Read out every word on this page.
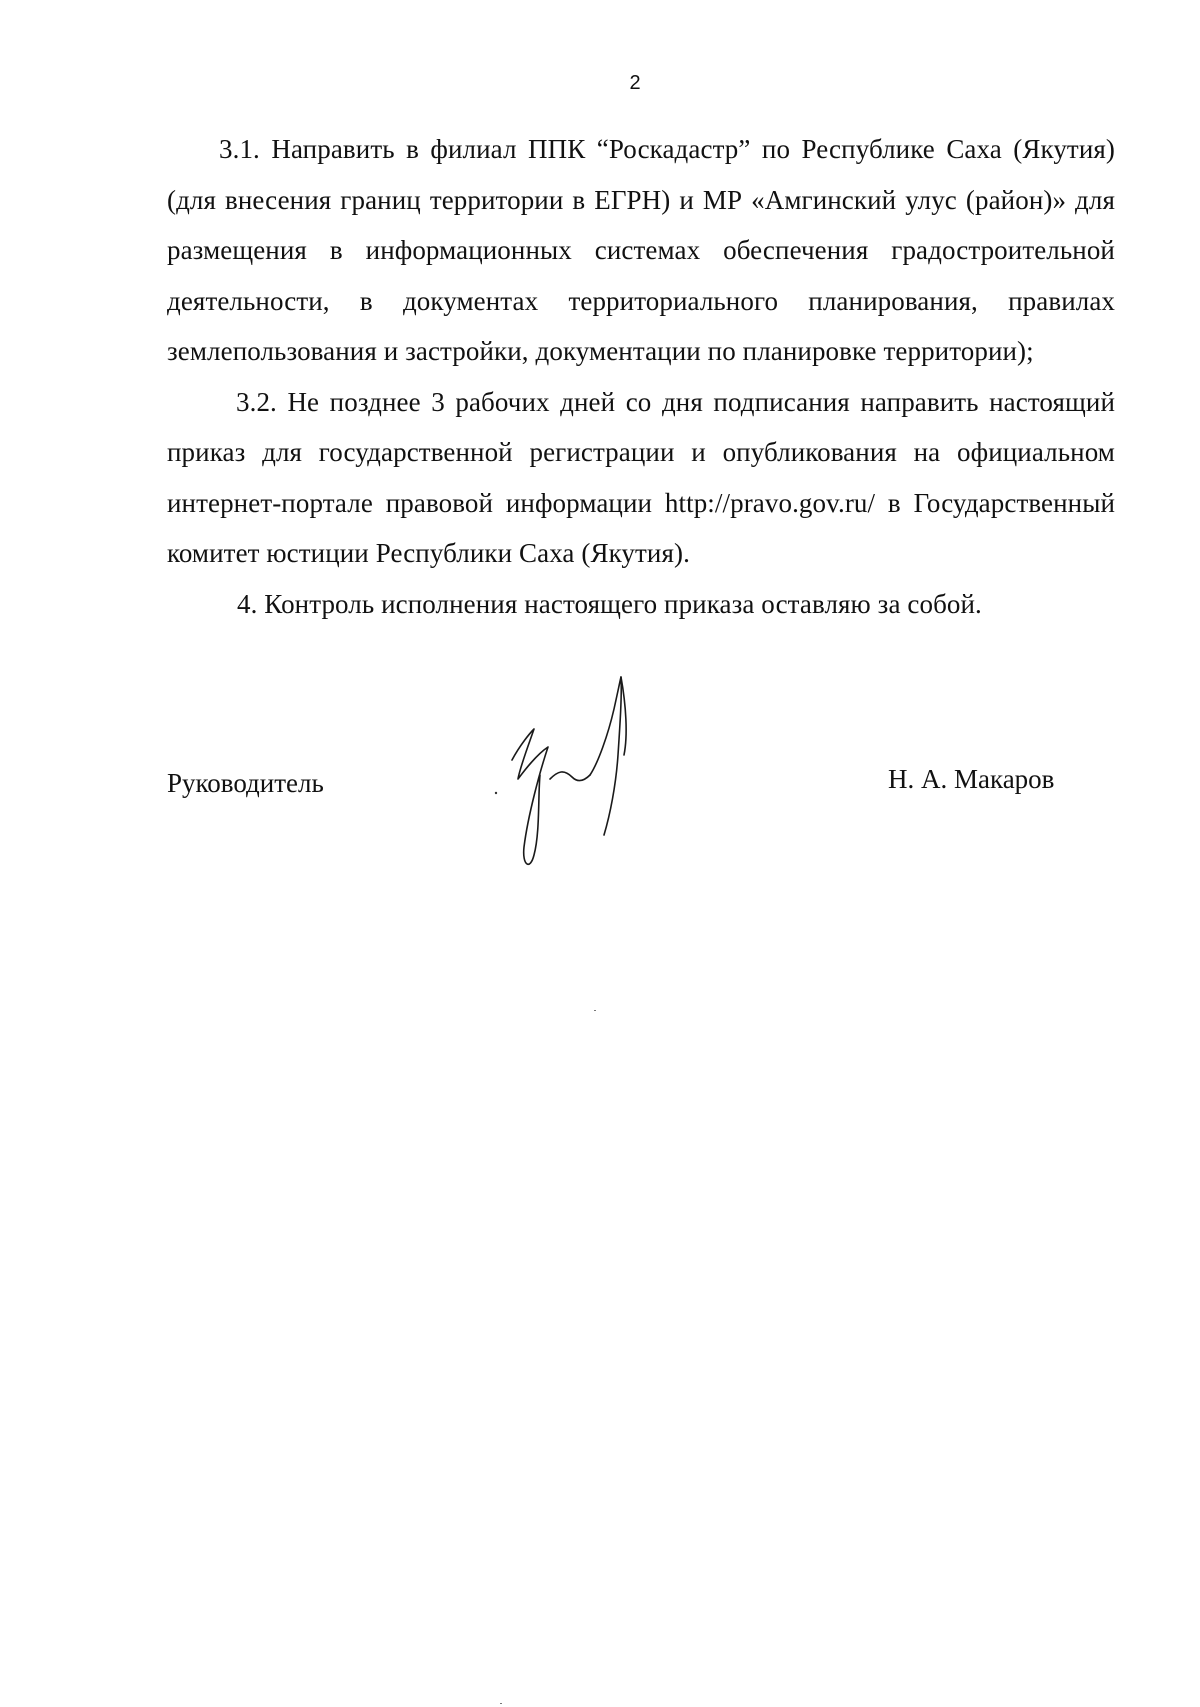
2

3.1. Направить в филиал ППК “Роскадастр” по Республике Саха (Якутия) (для внесения границ территории в ЕГРН) и МР «Амгинский улус (район)» для размещения в информационных системах обеспечения градостроительной деятельности, в документах территориального планирования, правилах землепользования и застройки, документации по планировке территории);

3.2. Не позднее 3 рабочих дней со дня подписания направить настоящий приказ для государственной регистрации и опубликования на официальном интернет-портале правовой информации http://pravo.gov.ru/ в Государственный комитет юстиции Республики Саха (Якутия).

4. Контроль исполнения настоящего приказа оставляю за собой.

Руководитель	Н. А. Макаров
